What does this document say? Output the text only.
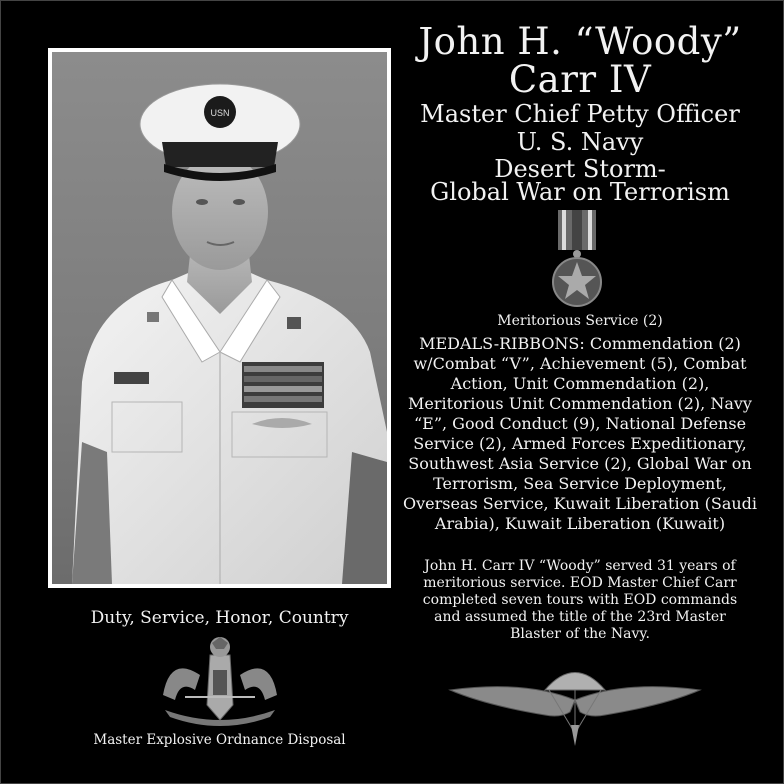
USN
Duty, Service, Honor, Country
Master Explosive Ordnance Disposal
John H. “Woody”
Carr IV
Master Chief Petty Officer
U. S. Navy
Desert Storm-
Global War on Terrorism
Meritorious Service (2)
MEDALS-RIBBONS: Commendation (2) w/Combat “V”, Achievement (5), Combat Action, Unit Commendation (2), Meritorious Unit Commendation (2), Navy “E”, Good Conduct (9), National Defense Service (2), Armed Forces Expeditionary, Southwest Asia Service (2), Global War on Terrorism, Sea Service Deployment, Overseas Service, Kuwait Liberation (Saudi Arabia), Kuwait Liberation (Kuwait)
John H. Carr IV “Woody” served 31 years of meritorious service. EOD Master Chief Carr completed seven tours with EOD commands and assumed the title of the 23rd Master Blaster of the Navy.
